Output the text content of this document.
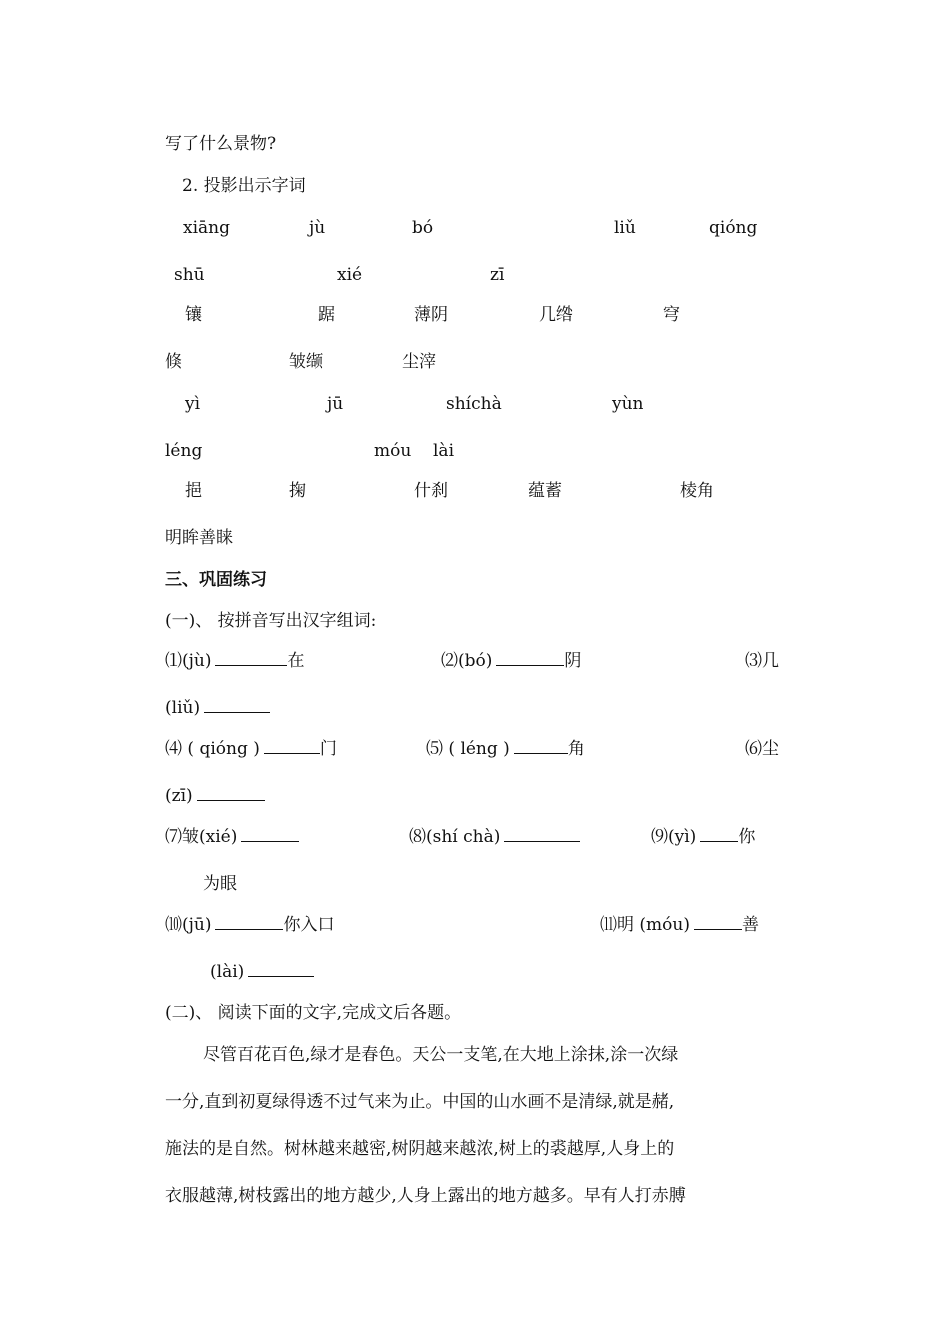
写了什么景物?
2. 投影出示字词
xiāng	jù	bó	liǔ	qióng
shū	xié	zī
镶	踞	薄阴	几绺	穹
倏	皱缬	尘滓
yì	jū	shíchà	yùn
léng	móu lài
挹	掬	什刹	蕴蓄	棱角
明眸善睐
三、巩固练习
(一)、 按拼音写出汉字组词:
⑴(jù)	在	⑵(bó)	阴	⑶几
(liǔ)
⑷ ( qióng )	门	⑸ ( léng )	角	⑹尘
(zī)
⑺皱(xié)	⑻(shí chà)	⑼(yì) 你
为眼
⑽(jū)	你入口	⑾明 (móu)	善
(lài)
(二)、 阅读下面的文字,完成文后各题。
尽管百花百色,绿才是春色。天公一支笔,在大地上涂抹,涂一次绿
一分,直到初夏绿得透不过气来为止。中国的山水画不是清绿,就是赭,
施法的是自然。树林越来越密,树阴越来越浓,树上的裘越厚,人身上的
衣服越薄,树枝露出的地方越少,人身上露出的地方越多。早有人打赤膊
